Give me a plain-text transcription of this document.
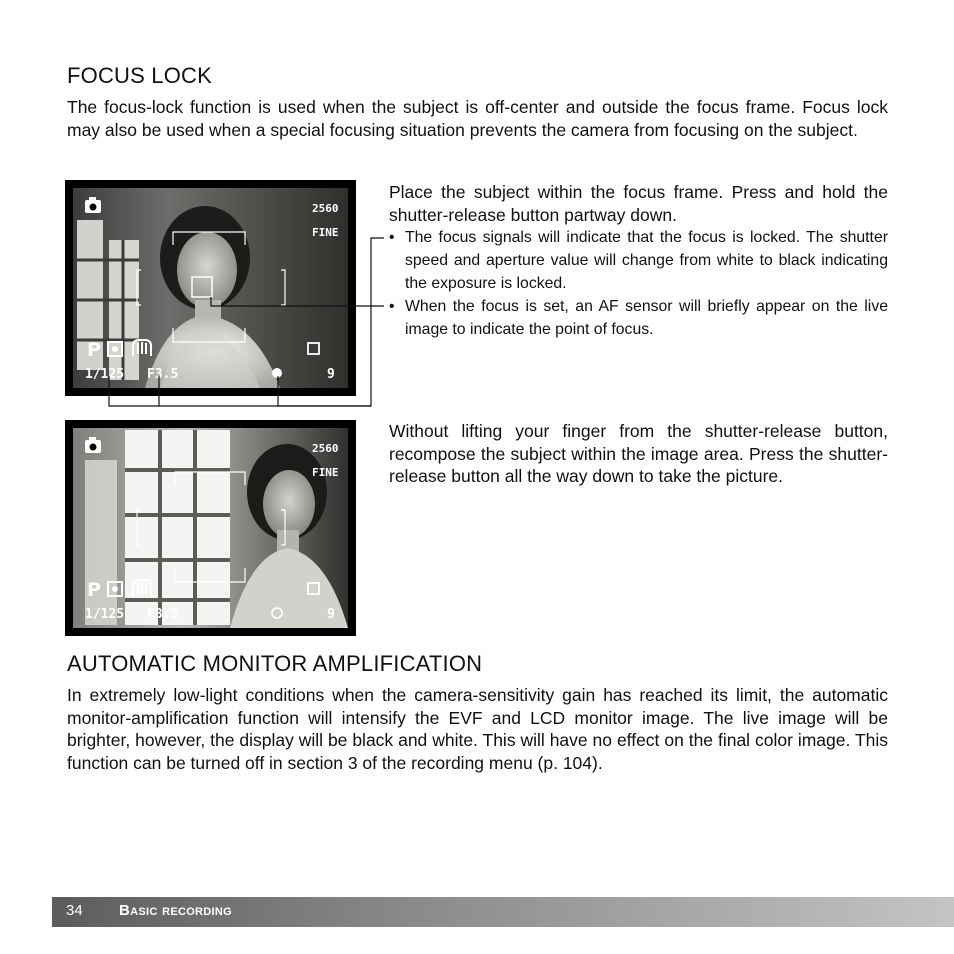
FOCUS LOCK

The focus-lock function is used when the subject is off-center and outside the focus frame. Focus lock may also be used when a special focusing situation prevents the camera from focusing on the subject.

2560
FINE
P
1/125 F3.5	9

Place the subject within the focus frame. Press and hold the shutter-release button partway down.

• The focus signals will indicate that the focus is locked. The shutter speed and aperture value will change from white to black indicating the exposure is locked.

• When the focus is set, an AF sensor will briefly appear on the live image to indicate the point of focus.

2560
FINE
P
1/125 F3.5	9

Without lifting your finger from the shutter-release button, recompose the subject within the image area. Press the shutter-release button all the way down to take the picture.

AUTOMATIC MONITOR AMPLIFICATION

In extremely low-light conditions when the camera-sensitivity gain has reached its limit, the automatic monitor-amplification function will intensify the EVF and LCD monitor image. The live image will be brighter, however, the display will be black and white. This will have no effect on the final color image. This function can be turned off in section 3 of the recording menu (p. 104).

34 Basic recording
